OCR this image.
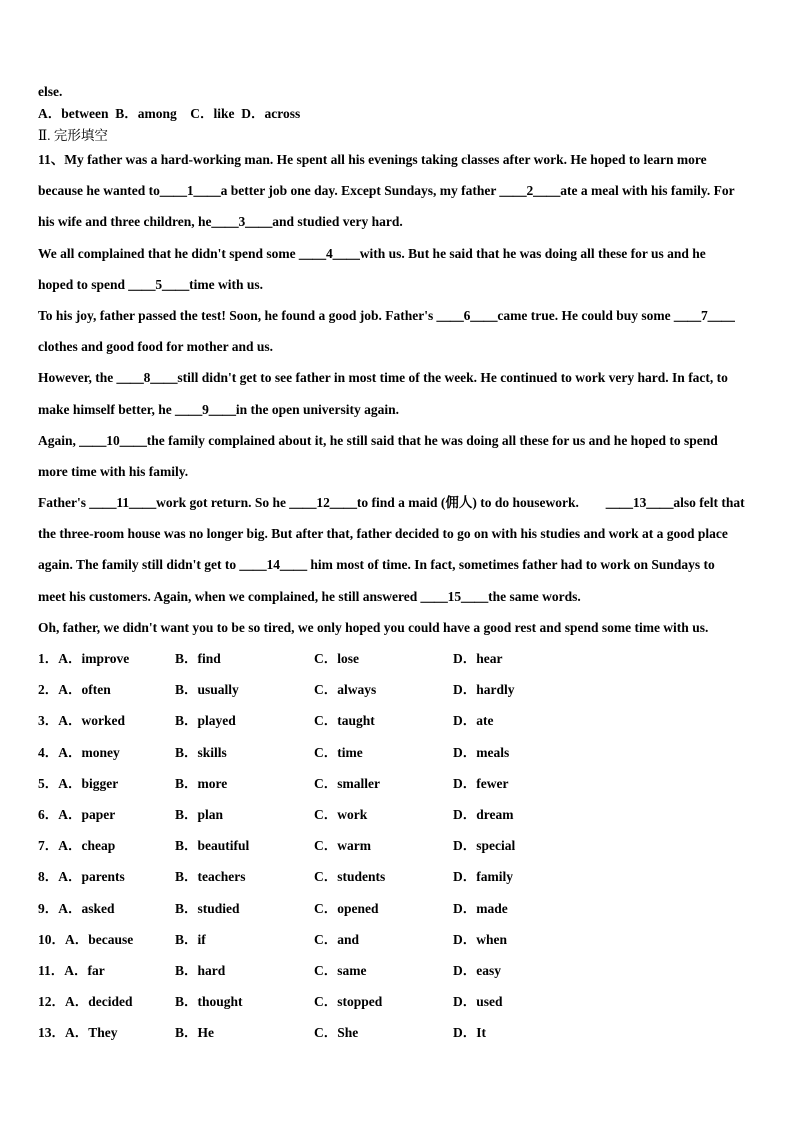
else.
A．between  B．among    C．like  D．across
Ⅱ. 完形填空
11、My father was a hard-working man. He spent all his evenings taking classes after work. He hoped to learn more
because he wanted to＿＿1＿＿a better job one day. Except Sundays, my father ＿＿2＿＿ate a meal with his family. For
his wife and three children, he＿＿3＿＿and studied very hard.
We all complained that he didn't spend some ＿＿4＿＿with us. But he said that he was doing all these for us and he
hoped to spend ＿＿5＿＿time with us.
To his joy, father passed the test! Soon, he found a good job. Father's ＿＿6＿＿came true. He could buy some ＿＿7＿＿
clothes and good food for mother and us.
However, the ＿＿8＿＿still didn't get to see father in most time of the week. He continued to work very hard. In fact, to
make himself better, he ＿＿9＿＿in the open university again.
Again, ＿＿10＿＿the family complained about it, he still said that he was doing all these for us and he hoped to spend
more time with his family.
Father's ＿＿11＿＿work got return. So he ＿＿12＿＿to find a maid (佣人) to do housework.        ＿＿13＿＿also felt that
the three-room house was no longer big. But after that, father decided to go on with his studies and work at a good place
again. The family still didn't get to ＿＿14＿＿ him most of time. In fact, sometimes father had to work on Sundays to
meet his customers. Again, when we complained, he still answered ＿＿15＿＿the same words.
Oh, father, we didn't want you to be so tired, we only hoped you could have a good rest and spend some time with us.
1．A．improve	B．find	C．lose	D．hear
2．A．often	B．usually	C．always	D．hardly
3．A．worked	B．played	C．taught	D．ate
4．A．money	B．skills	C．time	D．meals
5．A．bigger	B．more	C．smaller	D．fewer
6．A．paper	B．plan	C．work	D．dream
7．A．cheap	B．beautiful	C．warm	D．special
8．A．parents	B．teachers	C．students	D．family
9．A．asked	B．studied	C．opened	D．made
10．A．because	B．if	C．and	D．when
11．A．far	B．hard	C．same	D．easy
12．A．decided	B．thought	C．stopped	D．used
13．A．They	B．He	C．She	D．It
